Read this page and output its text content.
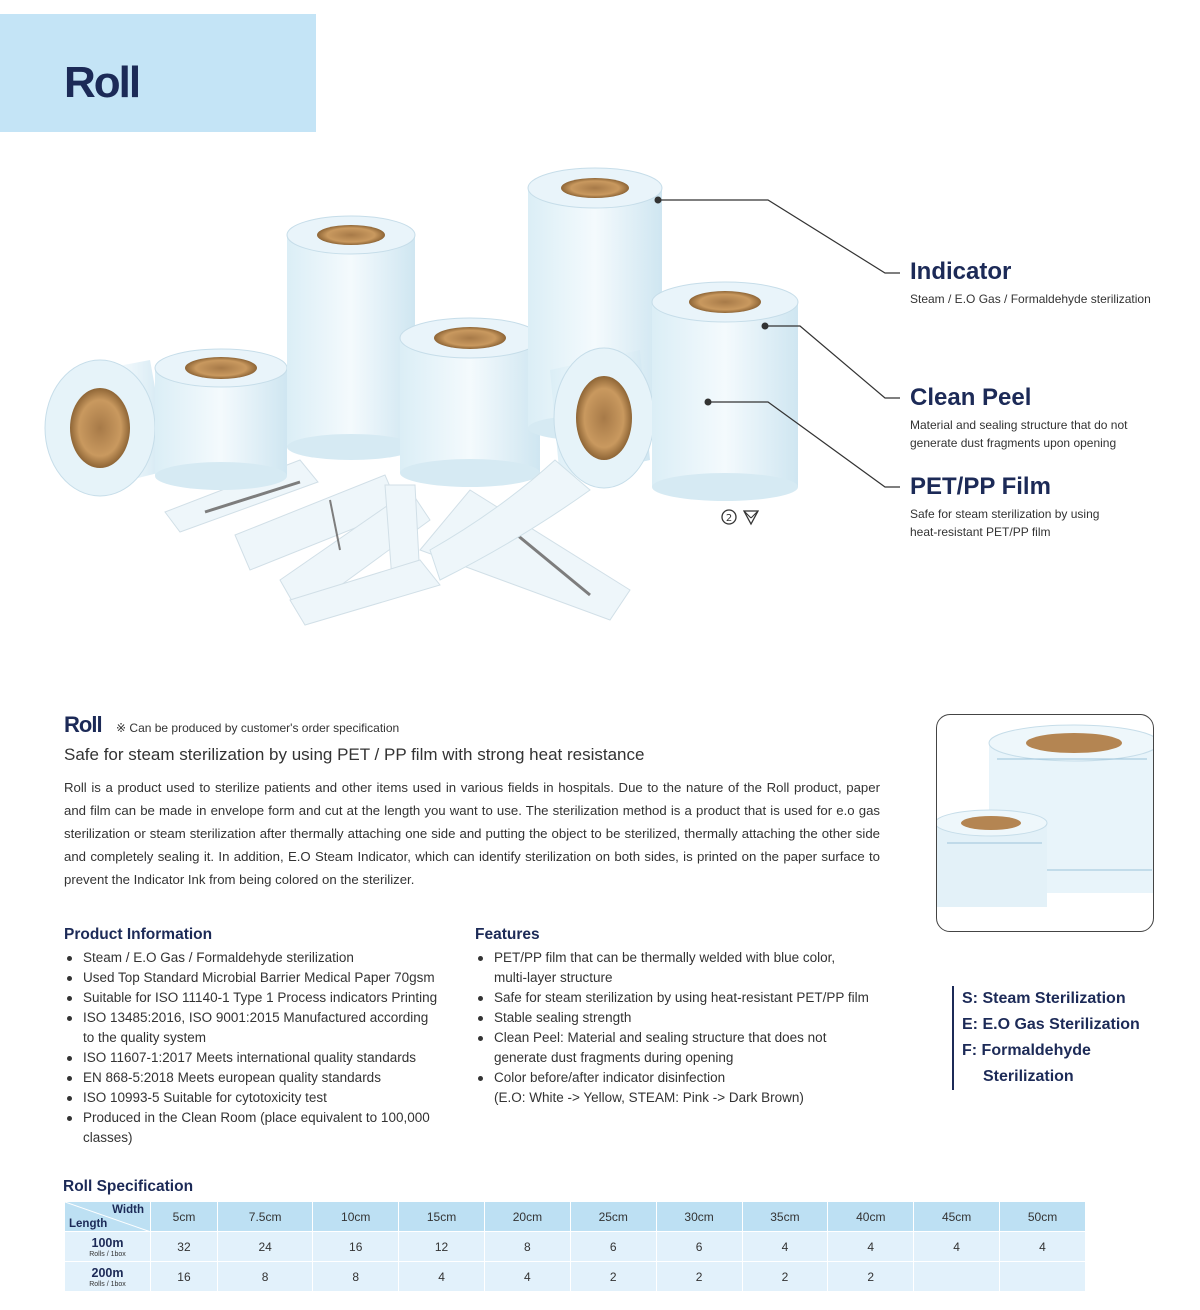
Roll
2
Indicator
Steam / E.O Gas / Formaldehyde sterilization
Clean Peel
Material and sealing structure that do not
generate dust fragments upon opening
PET/PP Film
Safe for steam sterilization by using
heat-resistant PET/PP film
Roll ※ Can be produced by customer's order specification
Safe for steam sterilization by using PET / PP film with strong heat resistance
Roll is a product used to sterilize patients and other items used in various fields in hospitals. Due to the nature of the Roll product, paper and film can be made in envelope form and cut at the length you want to use. The sterilization method is a product that is used for e.o gas sterilization or steam sterilization after thermally attaching one side and putting the object to be sterilized, thermally attaching the other side and completely sealing it. In addition, E.O Steam Indicator, which can identify sterilization on both sides, is printed on the paper surface to prevent the Indicator Ink from being colored on the sterilizer.
Product Information
Steam / E.O Gas / Formaldehyde sterilization
Used Top Standard Microbial Barrier Medical Paper 70gsm
Suitable for ISO 11140-1 Type 1 Process indicators Printing
ISO 13485:2016, ISO 9001:2015 Manufactured according
to the quality system
ISO 11607-1:2017 Meets international quality standards
EN 868-5:2018 Meets european quality standards
ISO 10993-5 Suitable for cytotoxicity test
Produced in the Clean Room (place equivalent to 100,000
classes)
Features
PET/PP film that can be thermally welded with blue color,
multi-layer structure
Safe for steam sterilization by using heat-resistant PET/PP film
Stable sealing strength
Clean Peel: Material and sealing structure that does not
generate dust fragments during opening
Color before/after indicator disinfection
(E.O: White -> Yellow, STEAM: Pink -> Dark Brown)
S: Steam Sterilization
E: E.O Gas Sterilization
F: Formaldehyde
Sterilization
Roll Specification
Width
Length	5cm	7.5cm	10cm	15cm	20cm	25cm	30cm	35cm	40cm	45cm	50cm

100m
Rolls / 1box	32	24	16	12	8	6	6	4	4	4	4

200m
Rolls / 1box	16	8	8	4	4	2	2	2	2		
